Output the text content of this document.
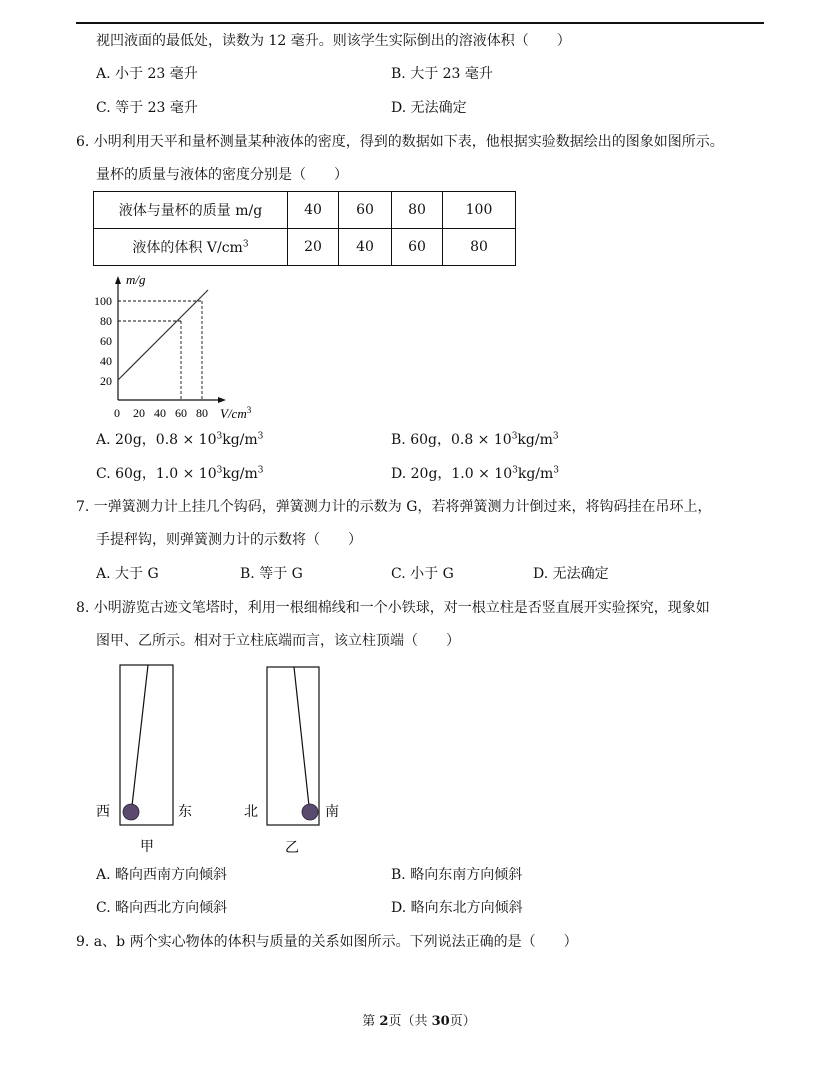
视凹液面的最低处，读数为 12 毫升。则该学生实际倒出的溶液体积（　　）
A. 小于 23 毫升	B. 大于 23 毫升
C. 等于 23 毫升	D. 无法确定
6. 小明利用天平和量杯测量某种液体的密度，得到的数据如下表，他根据实验数据绘出的图象如图所示。
量杯的质量与液体的密度分别是（　　）
液体与量杯的质量 m/g	40	60	80	100
液体的体积 $V/cm^3$	20	40	60	80
100
80
60
40
20
0 20 40 60 80
m/g
$V/cm^3$
A. 20g，$0.8 \times 10^3kg/m^3$	B. 60g，$0.8 \times 10^3kg/m^3$
C. 60g，$1.0 \times 10^3kg/m^3$	D. 20g，$1.0 \times 10^3kg/m^3$
7. 一弹簧测力计上挂几个钩码，弹簧测力计的示数为 G，若将弹簧测力计倒过来，将钩码挂在吊环上，
手提秤钩，则弹簧测力计的示数将（　　）
A. 大于 G	B. 等于 G	C. 小于 G	D. 无法确定
8. 小明游览古迹文笔塔时，利用一根细棉线和一个小铁球，对一根立柱是否竖直展开实验探究，现象如
图甲、乙所示。相对于立柱底端而言，该立柱顶端（　　）
西	东
甲
北	南
乙
A. 略向西南方向倾斜	B. 略向东南方向倾斜
C. 略向西北方向倾斜	D. 略向东北方向倾斜
9. a、b 两个实心物体的体积与质量的关系如图所示。下列说法正确的是（　　）
第 2页（共 30页）
